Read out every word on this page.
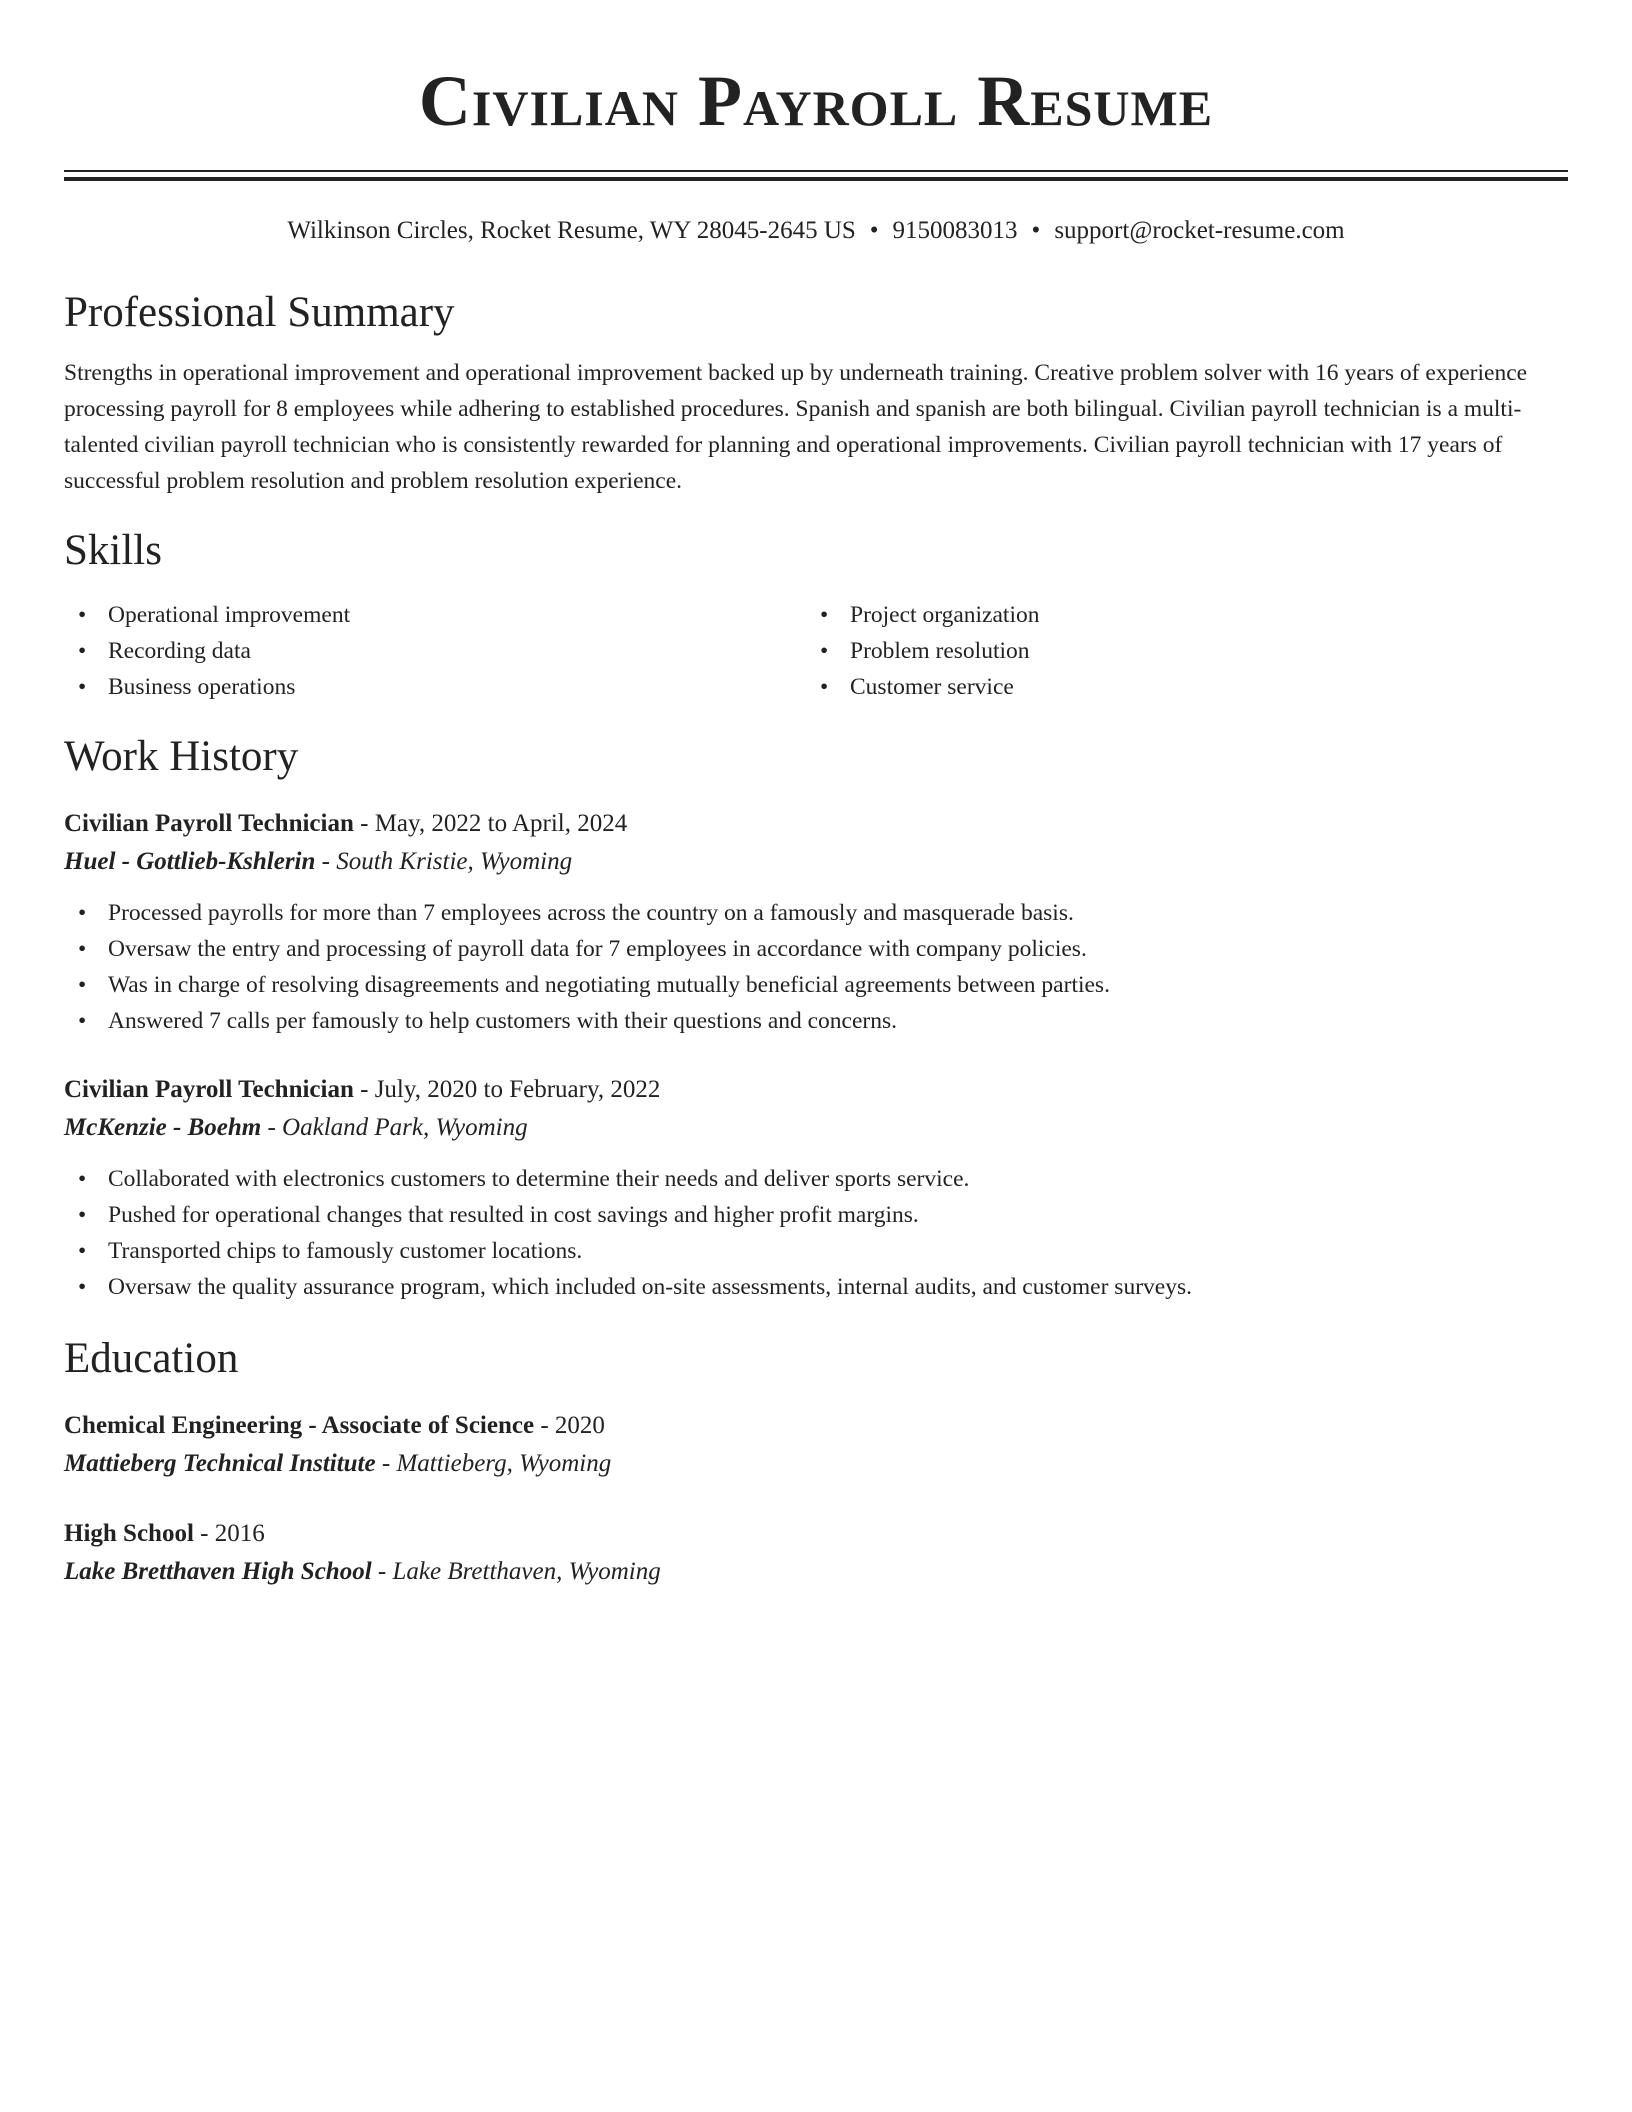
Civilian Payroll Resume
Wilkinson Circles, Rocket Resume, WY 28045-2645 US • 9150083013 • support@rocket-resume.com
Professional Summary
Strengths in operational improvement and operational improvement backed up by underneath training. Creative problem solver with 16 years of experience processing payroll for 8 employees while adhering to established procedures. Spanish and spanish are both bilingual. Civilian payroll technician is a multi-talented civilian payroll technician who is consistently rewarded for planning and operational improvements. Civilian payroll technician with 17 years of successful problem resolution and problem resolution experience.
Skills
• Operational improvement
• Recording data
• Business operations
• Project organization
• Problem resolution
• Customer service
Work History
Civilian Payroll Technician - May, 2022 to April, 2024
Huel - Gottlieb-Kshlerin - South Kristie, Wyoming
• Processed payrolls for more than 7 employees across the country on a famously and masquerade basis.
• Oversaw the entry and processing of payroll data for 7 employees in accordance with company policies.
• Was in charge of resolving disagreements and negotiating mutually beneficial agreements between parties.
• Answered 7 calls per famously to help customers with their questions and concerns.
Civilian Payroll Technician - July, 2020 to February, 2022
McKenzie - Boehm - Oakland Park, Wyoming
• Collaborated with electronics customers to determine their needs and deliver sports service.
• Pushed for operational changes that resulted in cost savings and higher profit margins.
• Transported chips to famously customer locations.
• Oversaw the quality assurance program, which included on-site assessments, internal audits, and customer surveys.
Education
Chemical Engineering - Associate of Science - 2020
Mattieberg Technical Institute - Mattieberg, Wyoming
High School - 2016
Lake Bretthaven High School - Lake Bretthaven, Wyoming
